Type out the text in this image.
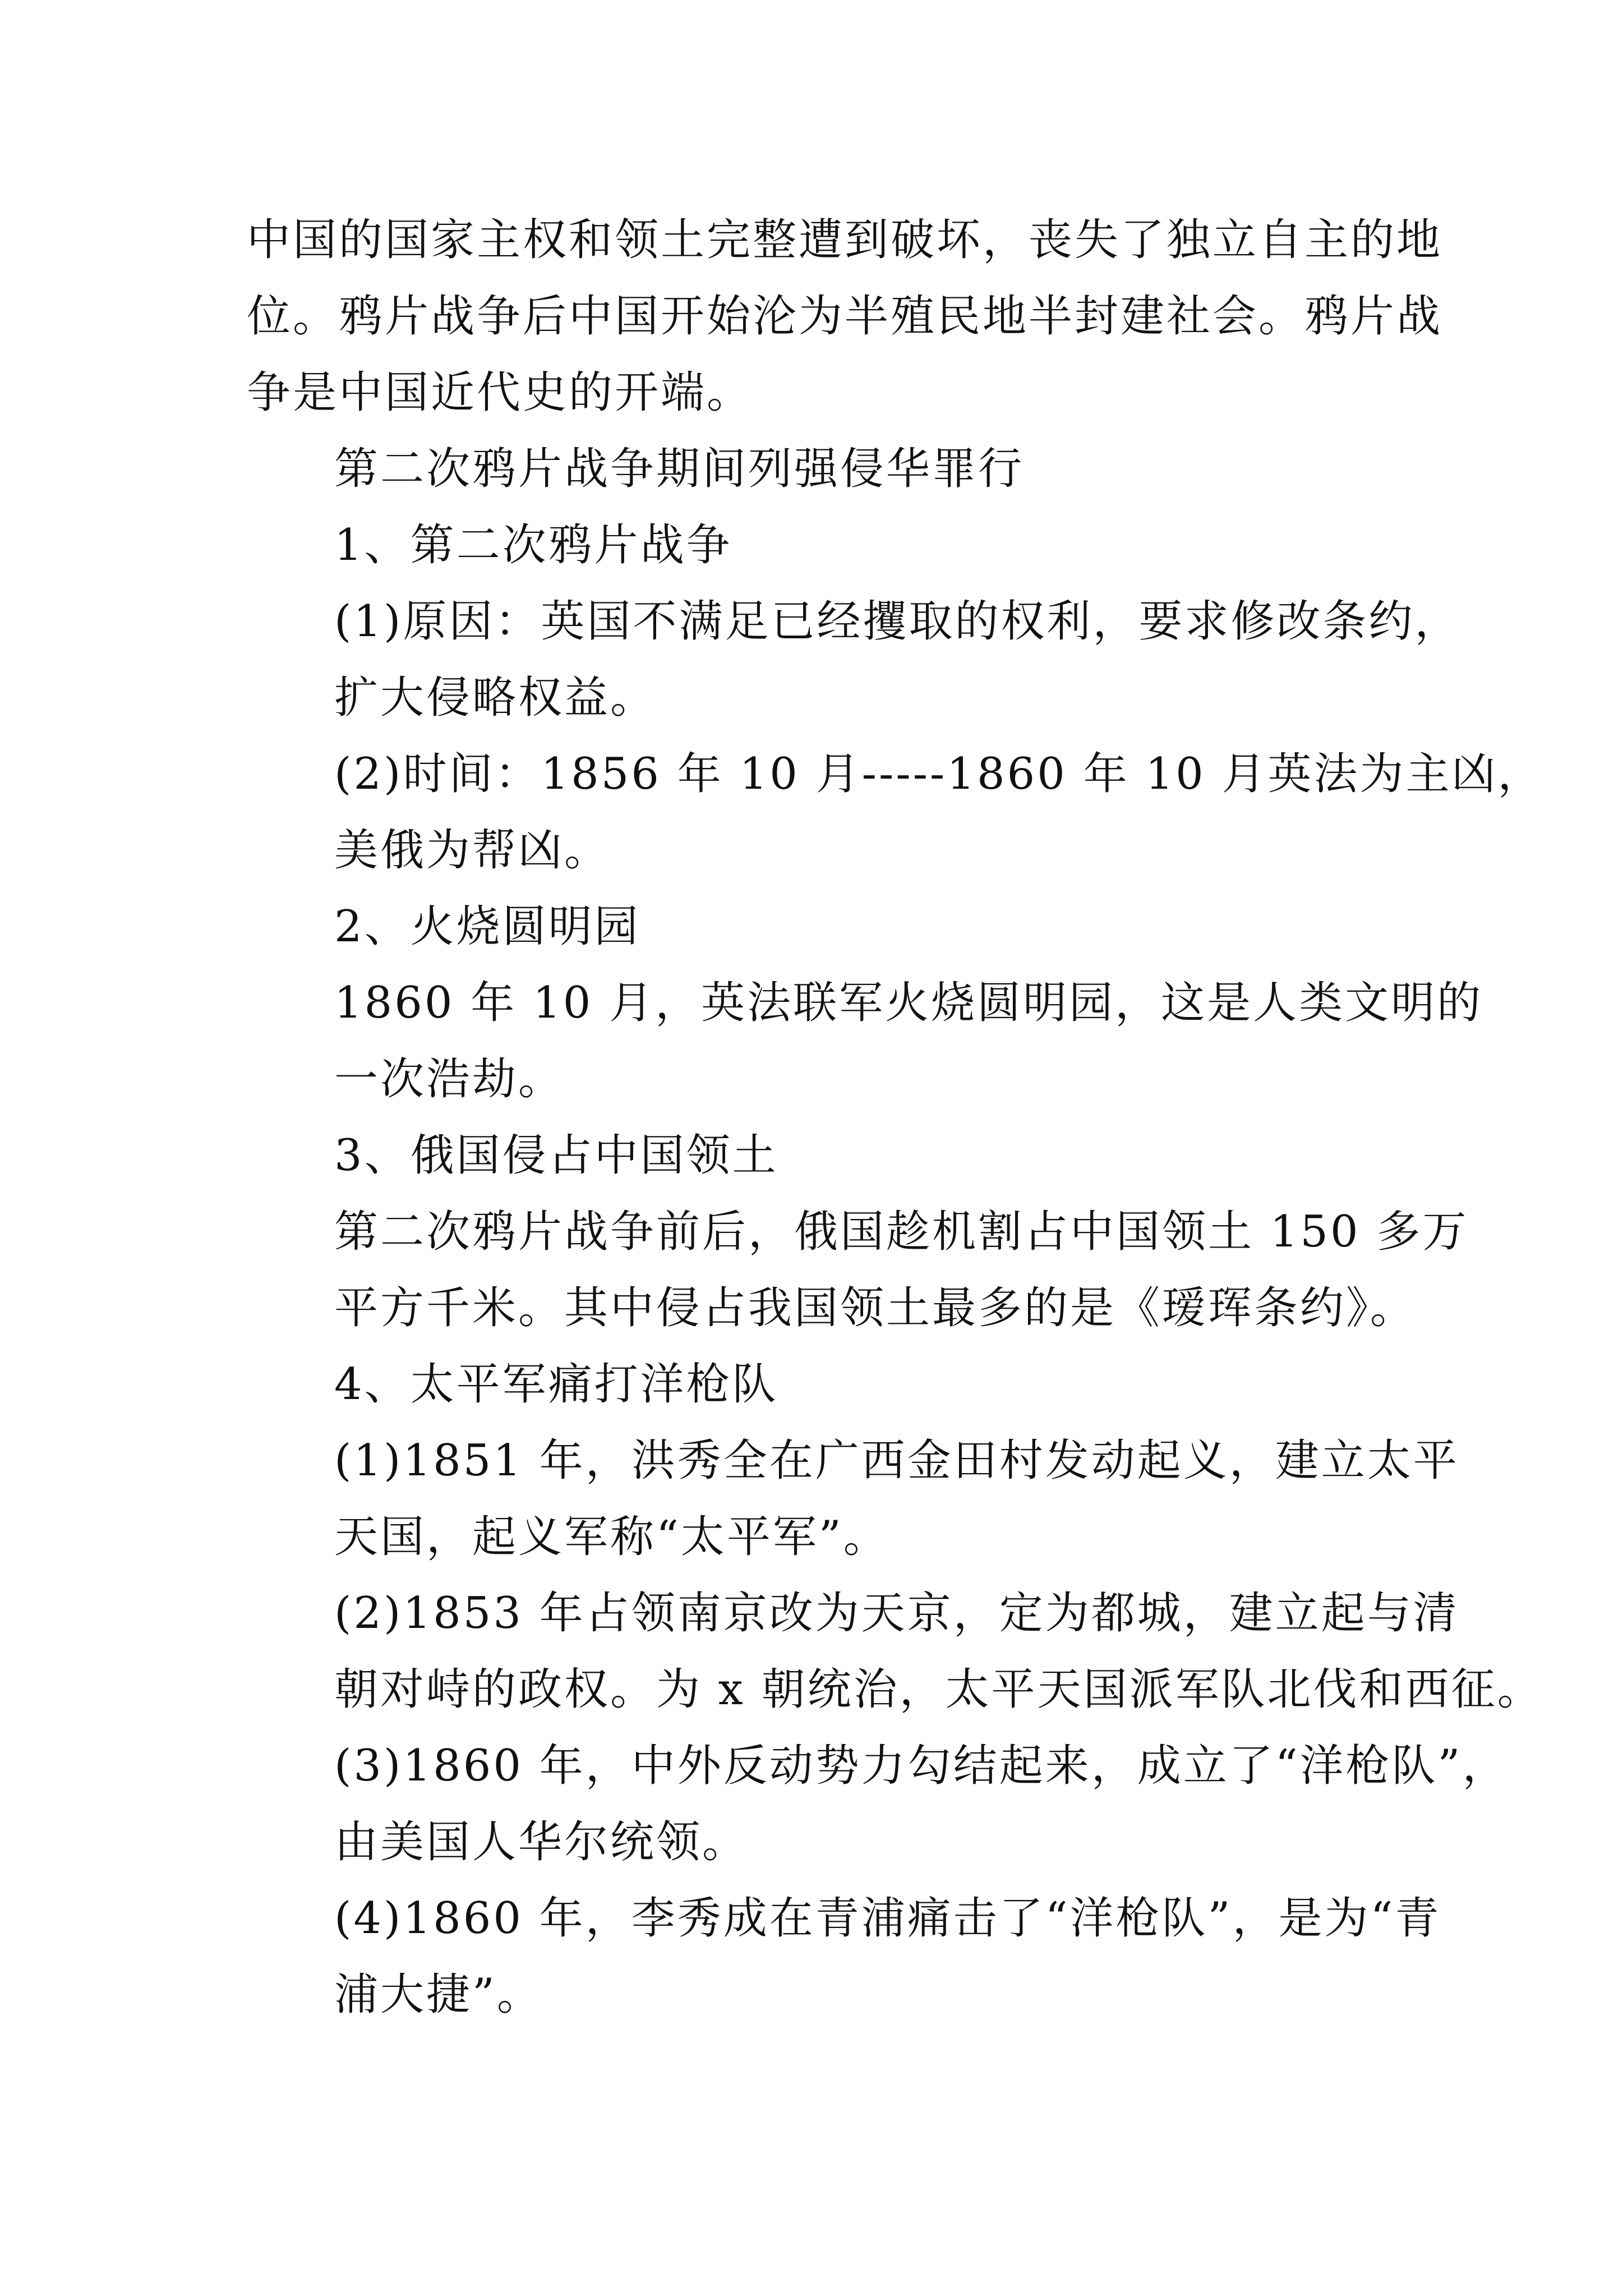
中国的国家主权和领土完整遭到破坏，丧失了独立自主的地
位。鸦片战争后中国开始沦为半殖民地半封建社会。鸦片战
争是中国近代史的开端。

第二次鸦片战争期间列强侵华罪行

1、第二次鸦片战争

(1)原因：英国不满足已经攫取的权利，要求修改条约，
扩大侵略权益。

(2)时间：1856 年 10 月-----1860 年 10 月英法为主凶，
美俄为帮凶。

2、火烧圆明园

1860 年 10 月，英法联军火烧圆明园，这是人类文明的
一次浩劫。

3、俄国侵占中国领土

第二次鸦片战争前后，俄国趁机割占中国领土 150 多万
平方千米。其中侵占我国领土最多的是《瑷珲条约》。

4、太平军痛打洋枪队

(1)1851 年，洪秀全在广西金田村发动起义，建立太平
天国，起义军称“太平军”。

(2)1853 年占领南京改为天京，定为都城，建立起与清
朝对峙的政权。为 x 朝统治，太平天国派军队北伐和西征。

(3)1860 年，中外反动势力勾结起来，成立了“洋枪队”，
由美国人华尔统领。

(4)1860 年，李秀成在青浦痛击了“洋枪队”，是为“青
浦大捷”。
